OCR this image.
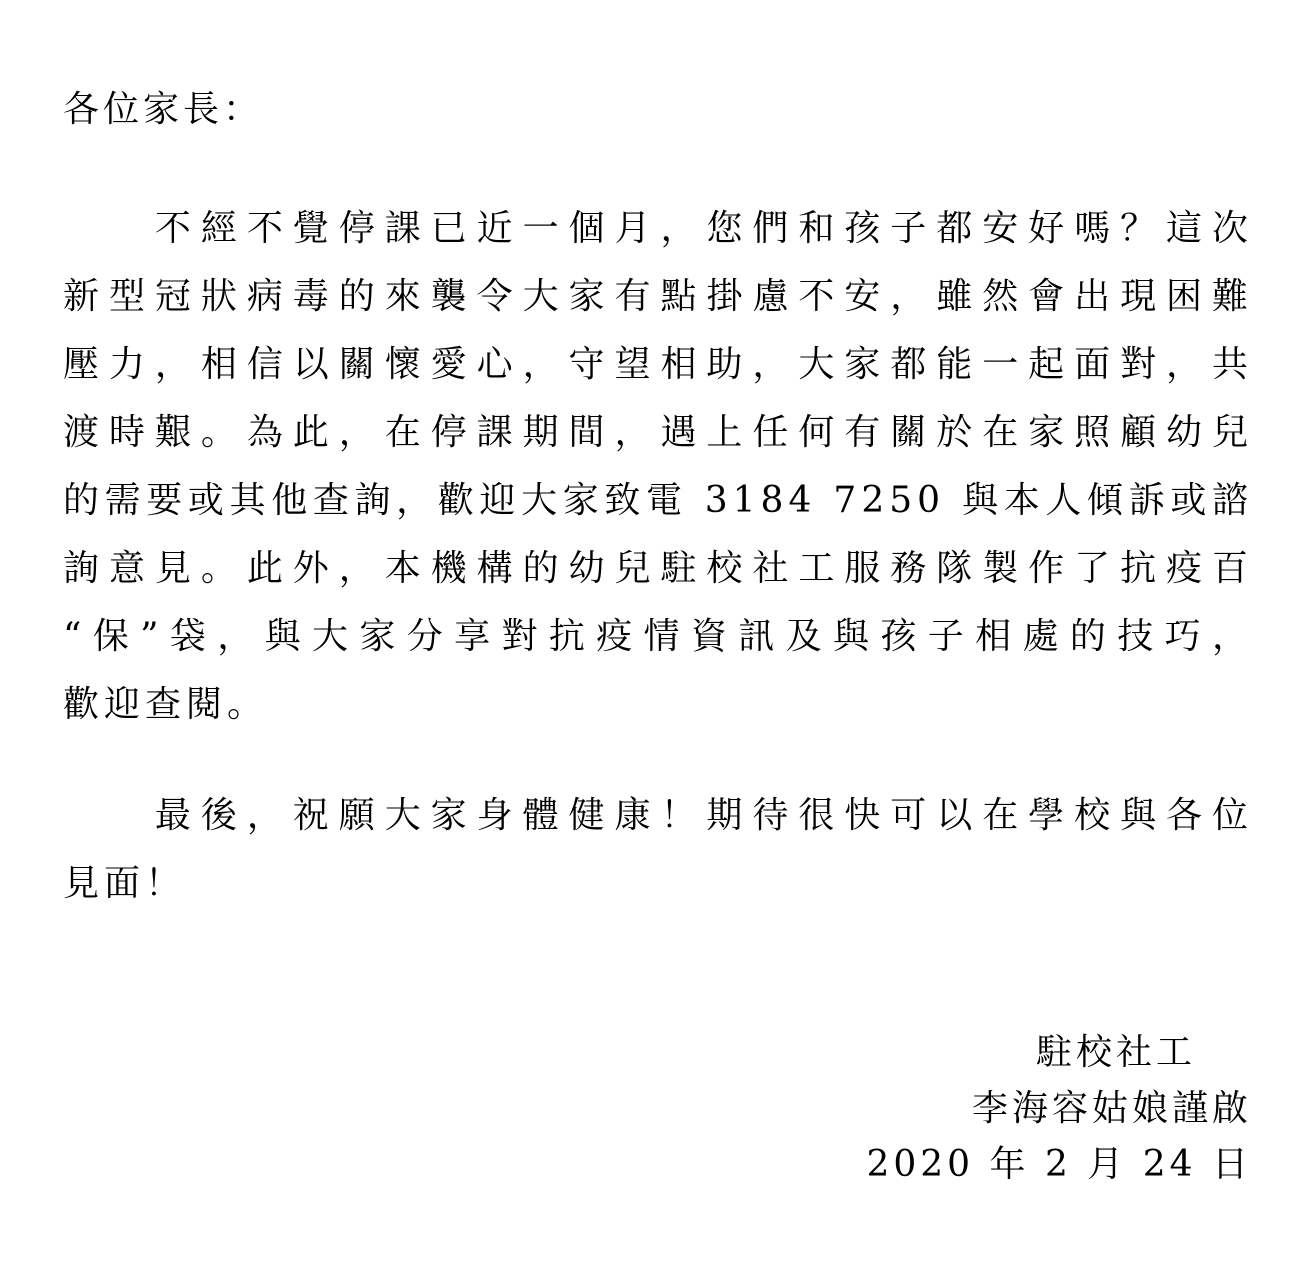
各位家長：
　　不經不覺停課已近一個月，您們和孩子都安好嗎？這次
新型冠狀病毒的來襲令大家有點掛慮不安，雖然會出現困難
壓力，相信以關懷愛心，守望相助，大家都能一起面對，共
渡時艱。為此，在停課期間，遇上任何有關於在家照顧幼兒
的需要或其他查詢，歡迎大家致電 3184 7250 與本人傾訴或諮
詢意見。此外，本機構的幼兒駐校社工服務隊製作了抗疫百
“保”袋，與大家分享對抗疫情資訊及與孩子相處的技巧，
歡迎查閱。
　　最後，祝願大家身體健康！期待很快可以在學校與各位
見面！
駐校社工
李海容姑娘謹啟
2020 年 2 月 24 日
